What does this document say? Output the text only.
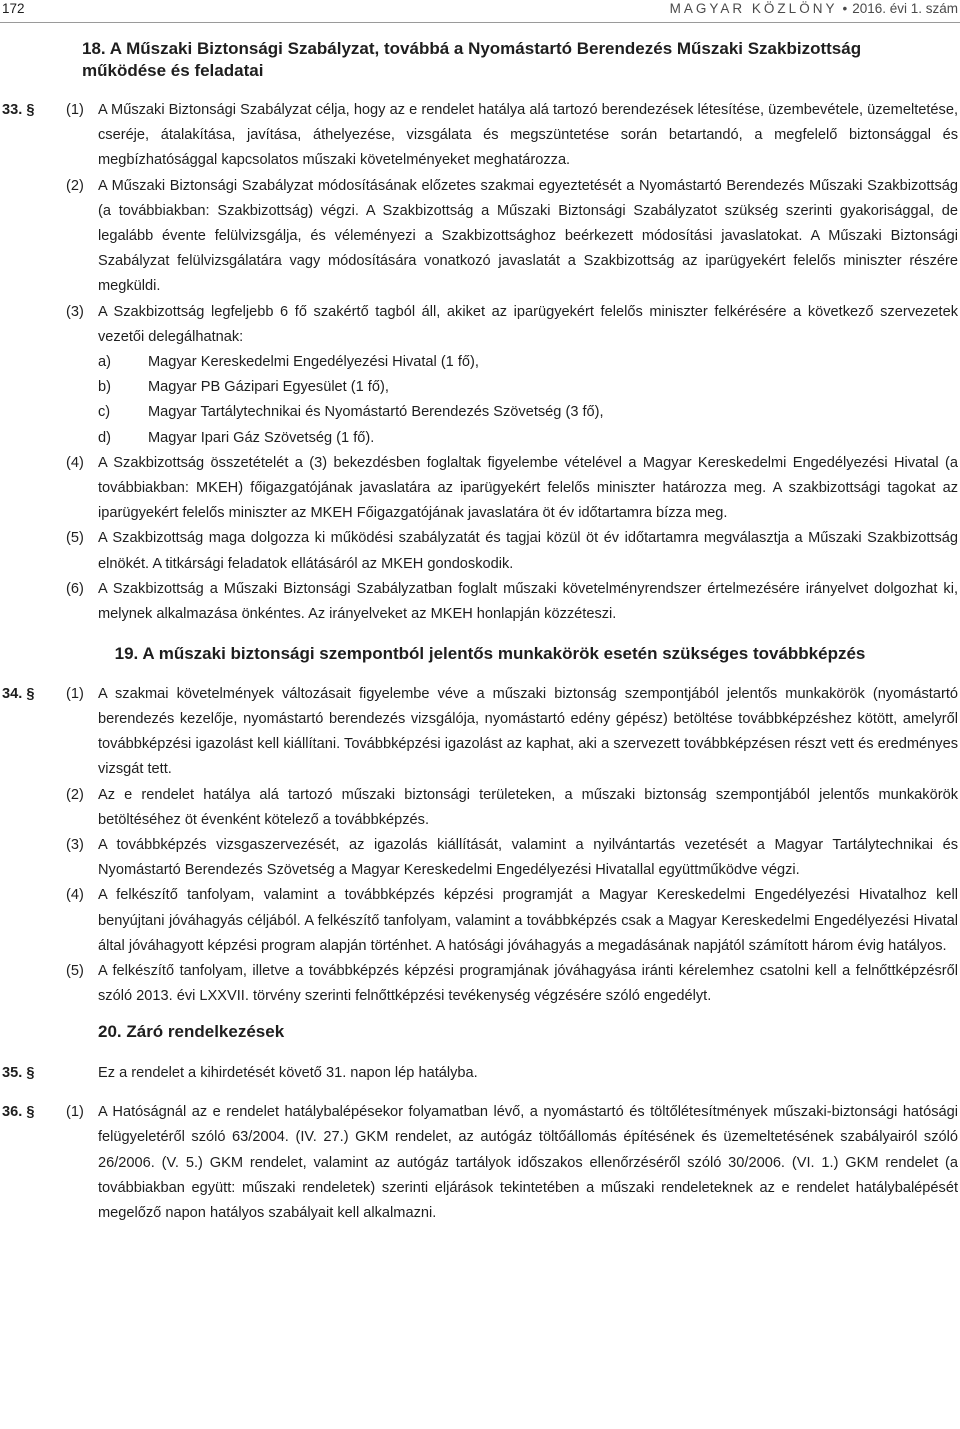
172	MAGYAR KÖZLÖNY • 2016. évi 1. szám
18. A Műszaki Biztonsági Szabályzat, továbbá a Nyomástartó Berendezés Műszaki Szakbizottság működése és feladatai
33. § (1) A Műszaki Biztonsági Szabályzat célja, hogy az e rendelet hatálya alá tartozó berendezések létesítése, üzembevétele, üzemeltetése, cseréje, átalakítása, javítása, áthelyezése, vizsgálata és megszüntetése során betartandó, a megfelelő biztonsággal és megbízhatósággal kapcsolatos műszaki követelményeket meghatározza.
(2) A Műszaki Biztonsági Szabályzat módosításának előzetes szakmai egyeztetését a Nyomástartó Berendezés Műszaki Szakbizottság (a továbbiakban: Szakbizottság) végzi. A Szakbizottság a Műszaki Biztonsági Szabályzatot szükség szerinti gyakorisággal, de legalább évente felülvizsgálja, és véleményezi a Szakbizottsághoz beérkezett módosítási javaslatokat. A Műszaki Biztonsági Szabályzat felülvizsgálatára vagy módosítására vonatkozó javaslatát a Szakbizottság az iparügyekért felelős miniszter részére megküldi.
(3) A Szakbizottság legfeljebb 6 fő szakértő tagból áll, akiket az iparügyekért felelős miniszter felkérésére a következő szervezetek vezetői delegálhatnak:
a)	Magyar Kereskedelmi Engedélyezési Hivatal (1 fő),
b)	Magyar PB Gázipari Egyesület (1 fő),
c)	Magyar Tartálytechnikai és Nyomástartó Berendezés Szövetség (3 fő),
d)	Magyar Ipari Gáz Szövetség (1 fő).
(4) A Szakbizottság összetételét a (3) bekezdésben foglaltak figyelembe vételével a Magyar Kereskedelmi Engedélyezési Hivatal (a továbbiakban: MKEH) főigazgatójának javaslatára az iparügyekért felelős miniszter határozza meg. A szakbizottsági tagokat az iparügyekért felelős miniszter az MKEH Főigazgatójának javaslatára öt év időtartamra bízza meg.
(5) A Szakbizottság maga dolgozza ki működési szabályzatát és tagjai közül öt év időtartamra megválasztja a Műszaki Szakbizottság elnökét. A titkársági feladatok ellátásáról az MKEH gondoskodik.
(6) A Szakbizottság a Műszaki Biztonsági Szabályzatban foglalt műszaki követelményrendszer értelmezésére irányelvet dolgozhat ki, melynek alkalmazása önkéntes. Az irányelveket az MKEH honlapján közzéteszi.
19. A műszaki biztonsági szempontból jelentős munkakörök esetén szükséges továbbképzés
34. § (1) A szakmai követelmények változásait figyelembe véve a műszaki biztonság szempontjából jelentős munkakörök (nyomástartó berendezés kezelője, nyomástartó berendezés vizsgálója, nyomástartó edény gépész) betöltése továbbképzéshez kötött, amelyről továbbképzési igazolást kell kiállítani. Továbbképzési igazolást az kaphat, aki a szervezett továbbképzésen részt vett és eredményes vizsgát tett.
(2) Az e rendelet hatálya alá tartozó műszaki biztonsági területeken, a műszaki biztonság szempontjából jelentős munkakörök betöltéséhez öt évenként kötelező a továbbképzés.
(3) A továbbképzés vizsgaszervezését, az igazolás kiállítását, valamint a nyilvántartás vezetését a Magyar Tartálytechnikai és Nyomástartó Berendezés Szövetség a Magyar Kereskedelmi Engedélyezési Hivatallal együttműködve végzi.
(4) A felkészítő tanfolyam, valamint a továbbképzés képzési programját a Magyar Kereskedelmi Engedélyezési Hivatalhoz kell benyújtani jóváhagyás céljából. A felkészítő tanfolyam, valamint a továbbképzés csak a Magyar Kereskedelmi Engedélyezési Hivatal által jóváhagyott képzési program alapján történhet. A hatósági jóváhagyás a megadásának napjától számított három évig hatályos.
(5) A felkészítő tanfolyam, illetve a továbbképzés képzési programjának jóváhagyása iránti kérelemhez csatolni kell a felnőttképzésről szóló 2013. évi LXXVII. törvény szerinti felnőttképzési tevékenység végzésére szóló engedélyt.
20. Záró rendelkezések
35. §	Ez a rendelet a kihirdetését követő 31. napon lép hatályba.
36. § (1) A Hatóságnál az e rendelet hatálybalépésekor folyamatban lévő, a nyomástartó és töltőlétesítmények műszaki-biztonsági hatósági felügyeletéről szóló 63/2004. (IV. 27.) GKM rendelet, az autógáz töltőállomás építésének és üzemeltetésének szabályairól szóló 26/2006. (V. 5.) GKM rendelet, valamint az autógáz tartályok időszakos ellenőrzéséről szóló 30/2006. (VI. 1.) GKM rendelet (a továbbiakban együtt: műszaki rendeletek) szerinti eljárások tekintetében a műszaki rendeleteknek az e rendelet hatálybalépését megelőző napon hatályos szabályait kell alkalmazni.
